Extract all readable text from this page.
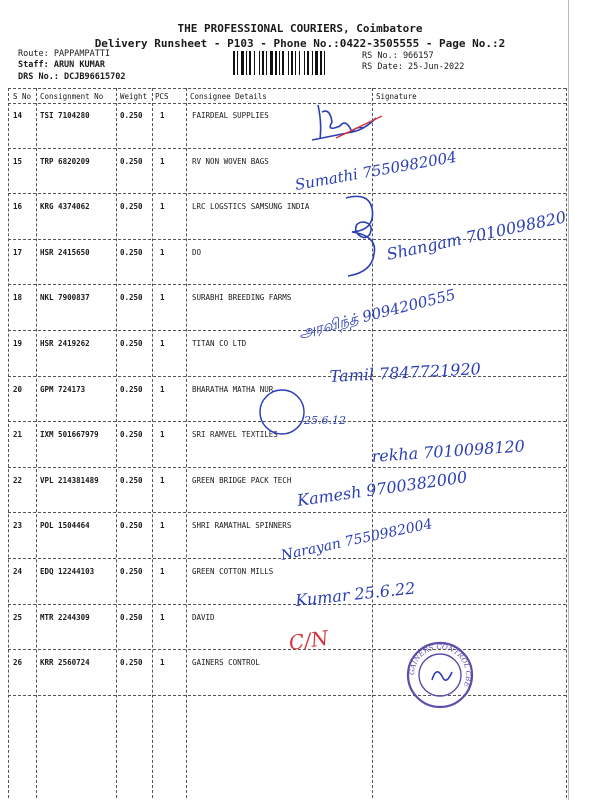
THE PROFESSIONAL COURIERS, Coimbatore
Delivery Runsheet - P103 - Phone No.:0422-3505555 - Page No.:2
Route: PAPPAMPATTI
Staff: ARUN KUMAR
DRS No.: DCJB96615702
RS No.: 966157
RS Date: 25-Jun-2022
S No Consignment No Weight PCS	Consignee Details	Signature
14 TSI 7104280	0.250 1	FAIRDEAL SUPPLIES
15 TRP 6820209	0.250 1	RV NON WOVEN BAGS
16 KRG 4374062	0.250 1	LRC LOGSTICS SAMSUNG INDIA
17 HSR 2415650	0.250 1	DO
18 NKL 7900837	0.250 1	SURABHI BREEDING FARMS
19 HSR 2419262	0.250 1	TITAN CO LTD
20 GPM 724173	0.250 1	BHARATHA MATHA NUR
21 IXM 501667979	0.250 1	SRI RAMVEL TEXTILES
22 VPL 214381489	0.250 1	GREEN BRIDGE PACK TECH
23 POL 1504464	0.250 1	SHRI RAMATHAL SPINNERS
24 EDQ 12244103	0.250 1	GREEN COTTON MILLS
25 MTR 2244309	0.250 1	DAVID
26 KRR 2560724	0.250 1	GAINERS CONTROL
Sumathi 7550982004
Shangam 7010098820
அரவிந்த் 9094200555
Tamil 7847721920
25.6.12
rekha 7010098120
Kamesh 9700382000
Narayan 7550982004
Kumar 25.6.22
C/N
GAINERS CONTROL CBE
